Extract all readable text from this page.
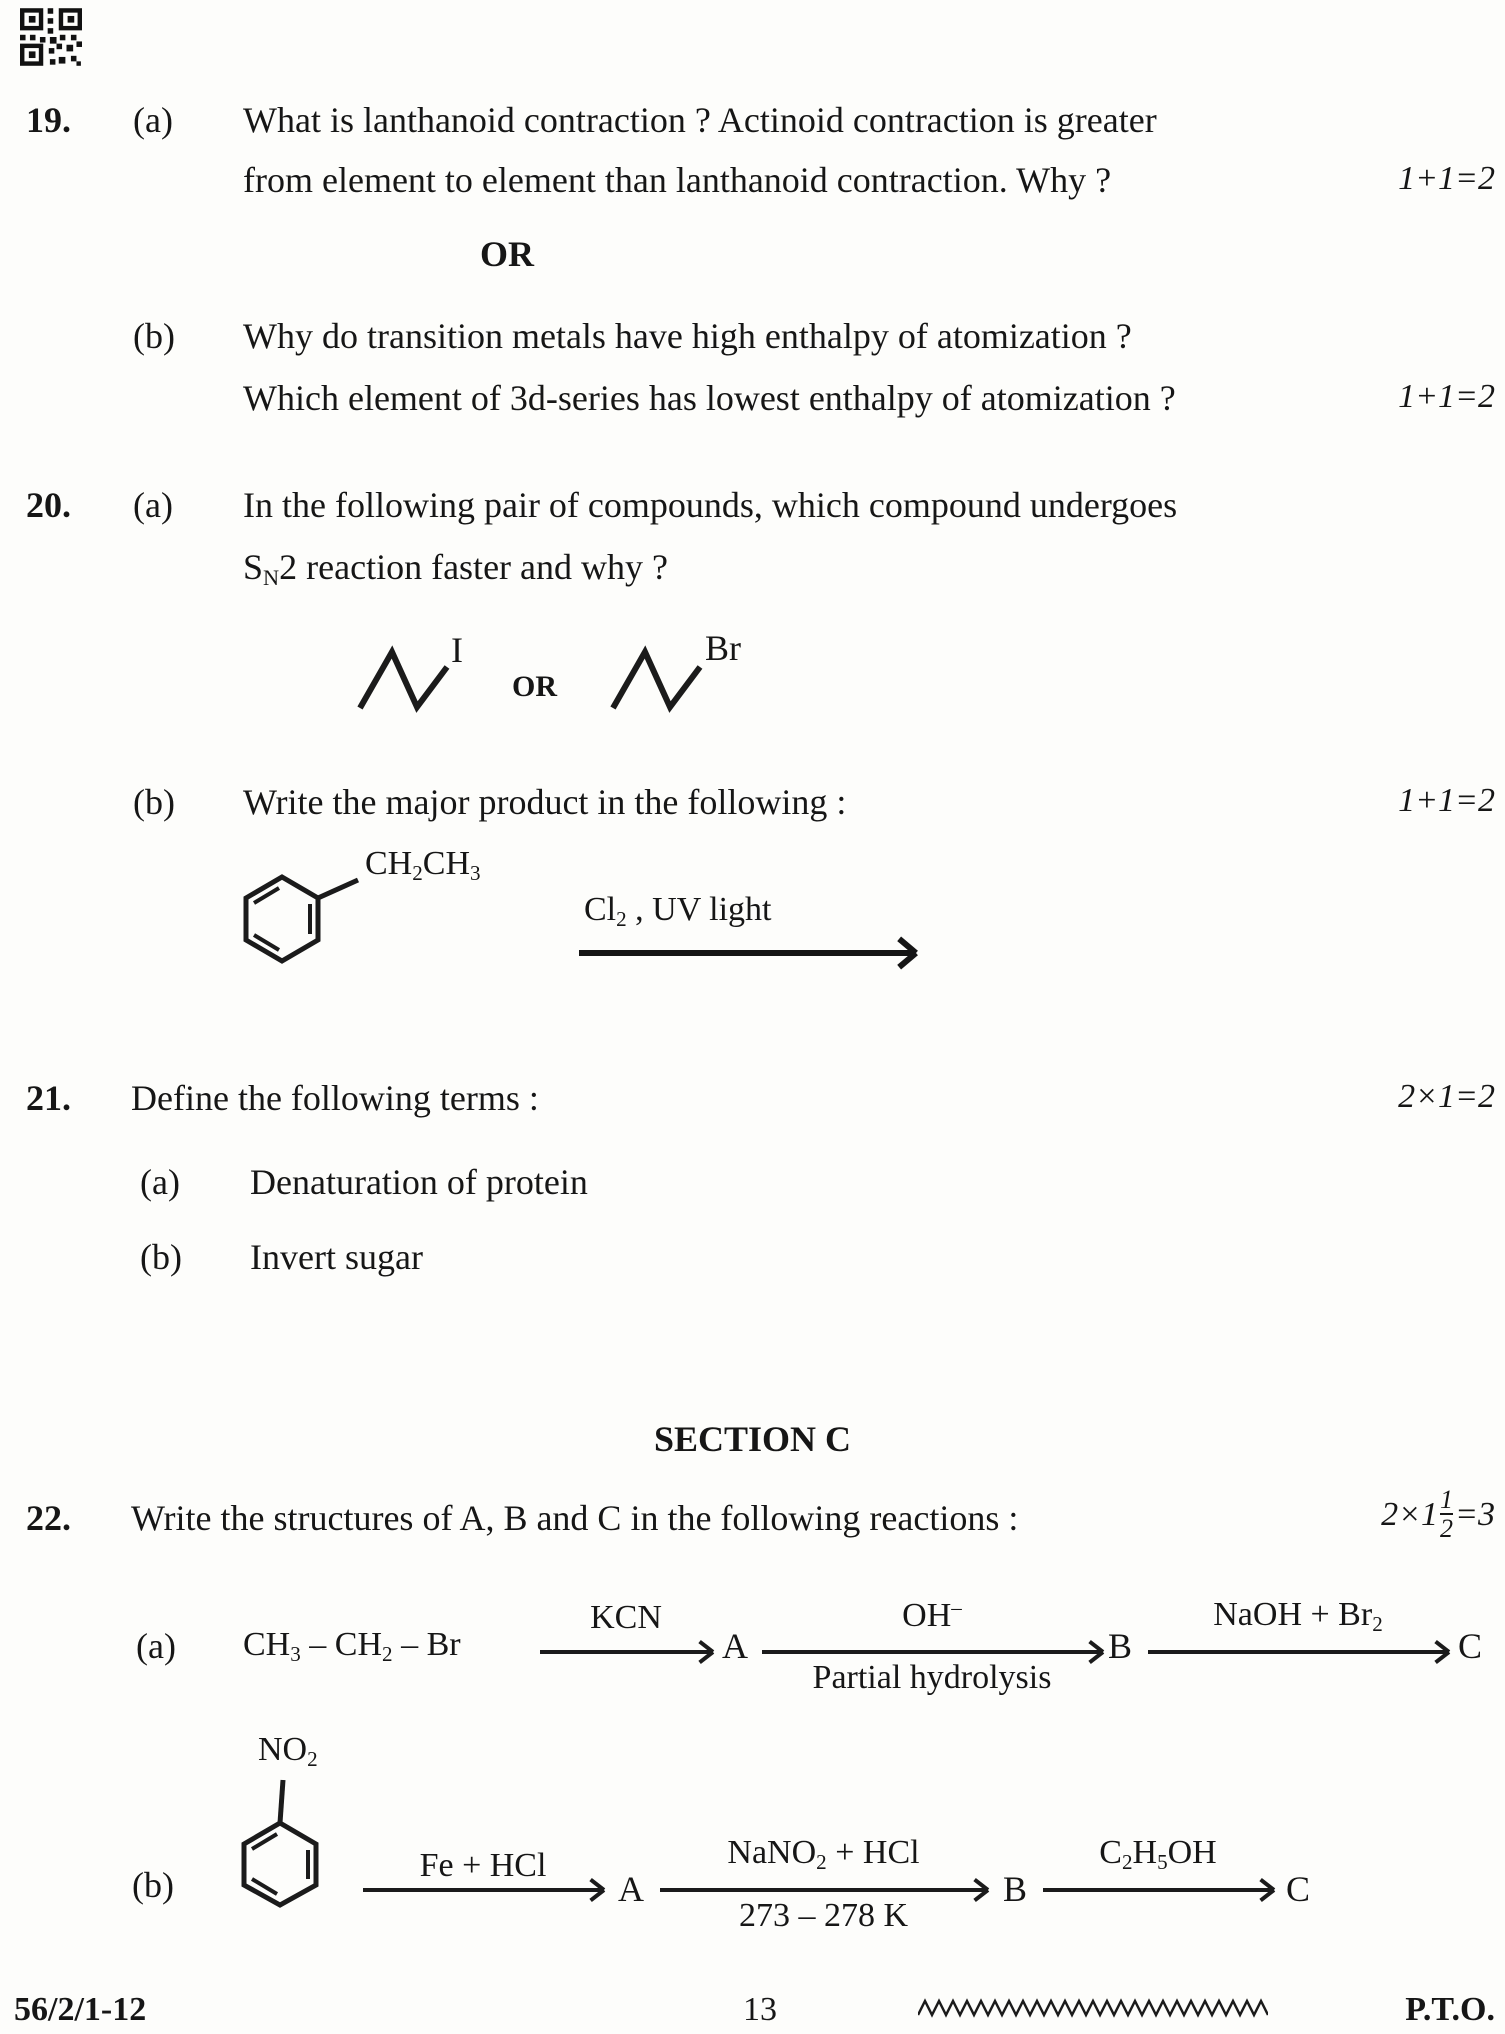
19. (a) What is lanthanoid contraction ? Actinoid contraction is greater
from element to element than lanthanoid contraction. Why ?	1+1=2
OR
(b) Why do transition metals have high enthalpy of atomization ?
Which element of 3d-series has lowest enthalpy of atomization ?	1+1=2
20. (a) In the following pair of compounds, which compound undergoes
$S_N2$ reaction faster and why ?
I
OR
Br
(b) Write the major product in the following :	1+1=2
$CH_2CH_3$
$Cl_2$ , UV light
21. Define the following terms :	2×1=2
(a) Denaturation of protein
(b) Invert sugar
SECTION C
22. Write the structures of A, B and C in the following reactions :	$2\times 1 \frac{1}{2} =3$
(a) $CH_3 - CH_2$ – Br
KCN
A
OH–
Partial hydrolysis
B
NaOH + $Br_2$
C
(b)
$NO_2$
Fe + HCl
A
NaNO$_2$ + HCl
273 – 278 K
B
$C_2H_5OH$
C
56/2/1-12	13	P.T.O.
